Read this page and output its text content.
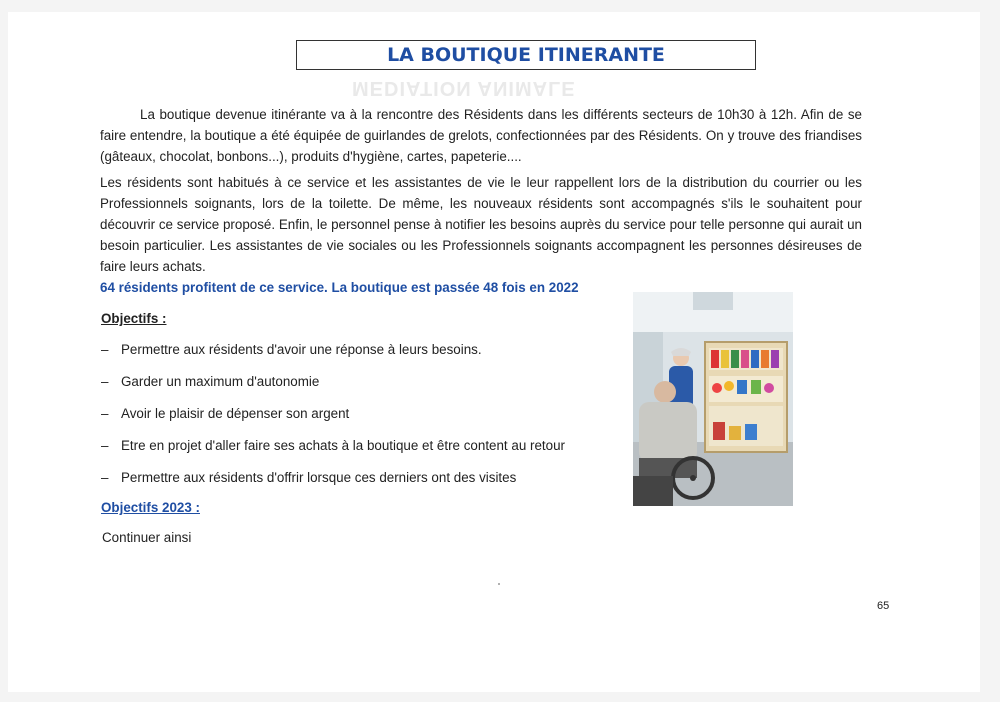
MEDIATION ANIMALE
LA BOUTIQUE ITINERANTE

La boutique devenue itinérante va à la rencontre des Résidents dans les différents secteurs de 10h30 à 12h. Afin de se faire entendre, la boutique a été équipée de guirlandes de grelots, confectionnées par des Résidents. On y trouve des friandises (gâteaux, chocolat, bonbons...), produits d'hygiène, cartes, papeterie....

Les résidents sont habitués à ce service et les assistantes de vie le leur rappellent lors de la distribution du courrier ou les Professionnels soignants, lors de la toilette. De même, les nouveaux résidents sont accompagnés s'ils le souhaitent pour découvrir ce service proposé. Enfin, le personnel pense à notifier les besoins auprès du service pour telle personne qui aurait un besoin particulier. Les assistantes de vie sociales ou les Professionnels soignants accompagnent les personnes désireuses de faire leurs achats.

64 résidents profitent de ce service. La boutique est passée 48 fois en 2022
Objectifs :
– Permettre aux résidents d'avoir une réponse à leurs besoins.
– Garder un maximum d'autonomie
– Avoir le plaisir de dépenser son argent
– Etre en projet d'aller faire ses achats à la boutique et être content au retour
– Permettre aux résidents d'offrir lorsque ces derniers ont des visites
Objectifs 2023 :
Continuer ainsi
65
